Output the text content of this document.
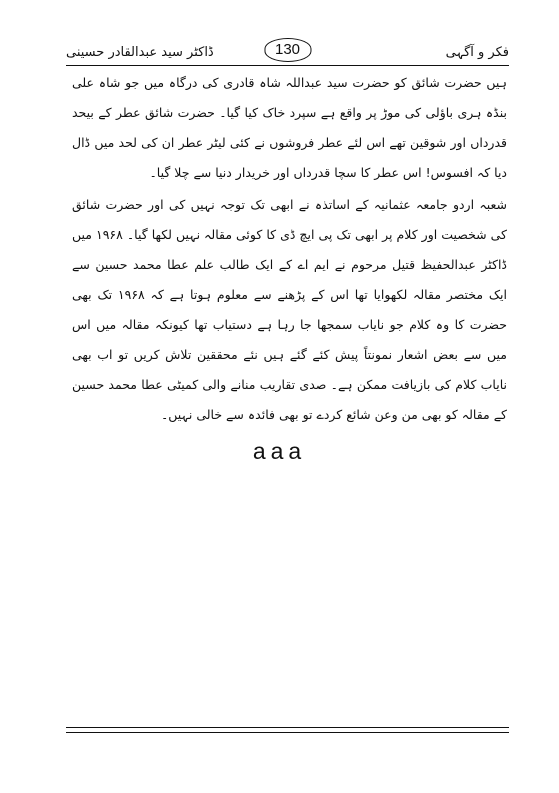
فکر و آگہی
ڈاکٹر سید عبدالقادر حسینی	130

ہیں حضرت شائق کو حضرت سید عبداللہ شاہ قادری کی درگاہ میں جو شاہ علی بنڈہ ہری باؤلی کی موڑ پر واقع ہے سپرد خاک کیا گیا۔ حضرت شائق عطر کے بیحد قدرداں اور شوقین تھے اس لئے عطر فروشوں نے کئی لیٹر عطر ان کی لحد میں ڈال دیا کہ افسوس! اس عطر کا سچا قدرداں اور خریدار دنیا سے چلا گیا۔

شعبہ اردو جامعہ عثمانیہ کے اساتذہ نے ابھی تک توجہ نہیں کی اور حضرت شائق کی شخصیت اور کلام پر ابھی تک پی ایچ ڈی کا کوئی مقالہ نہیں لکھا گیا۔ ۱۹۶۸ میں ڈاکٹر عبدالحفیظ قتیل مرحوم نے ایم اے کے ایک طالب علم عطا محمد حسین سے ایک مختصر مقالہ لکھوایا تھا اس کے پڑھنے سے معلوم ہوتا ہے کہ ۱۹۶۸ تک بھی حضرت کا وہ کلام جو نایاب سمجھا جا رہا ہے دستیاب تھا کیونکہ مقالہ میں اس میں سے بعض اشعار نمونتاً پیش کئے گئے ہیں نئے محققین تلاش کریں تو اب بھی نایاب کلام کی بازیافت ممکن ہے۔ صدی تقاریب منانے والی کمیٹی عطا محمد حسین کے مقالہ کو بھی من وعن شائع کردے تو بھی فائدہ سے خالی نہیں۔

aaa
